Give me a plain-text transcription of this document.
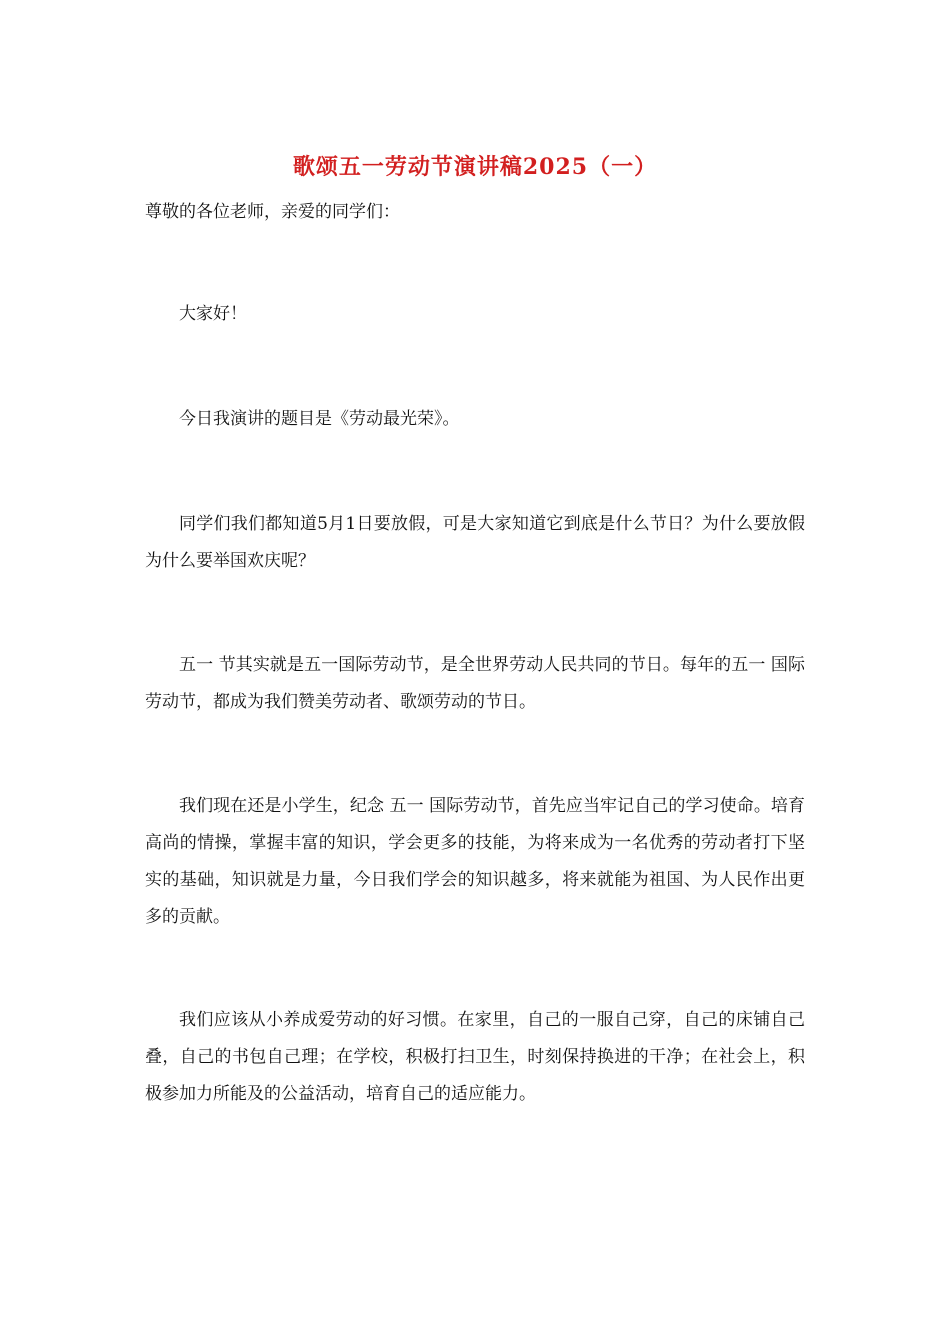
歌颂五一劳动节演讲稿2025（一）
尊敬的各位老师，亲爱的同学们：

大家好！

今日我演讲的题目是《劳动最光荣》。

同学们我们都知道5月1日要放假，可是大家知道它到底是什么节日？为什么要放假为什么要举国欢庆呢？

五一 节其实就是五一国际劳动节，是全世界劳动人民共同的节日。每年的五一 国际劳动节，都成为我们赞美劳动者、歌颂劳动的节日。

我们现在还是小学生，纪念 五一 国际劳动节，首先应当牢记自己的学习使命。培育高尚的情操，掌握丰富的知识，学会更多的技能，为将来成为一名优秀的劳动者打下坚实的基础，知识就是力量，今日我们学会的知识越多，将来就能为祖国、为人民作出更多的贡献。

我们应该从小养成爱劳动的好习惯。在家里，自己的一服自己穿，自己的床铺自己叠，自己的书包自己理；在学校，积极打扫卫生，时刻保持换进的干净；在社会上，积极参加力所能及的公益活动，培育自己的适应能力。
